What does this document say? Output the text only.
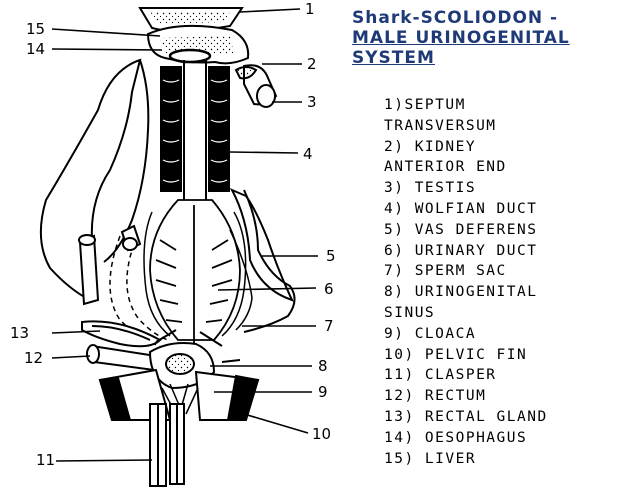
1
2
3
4
5
6
7
8
9
10
11
12
13
14
15
Shark-SCOLIODON -
MALE URINOGENITAL
SYSTEM
1)SEPTUM
TRANSVERSUM
2) KIDNEY
ANTERIOR END
3) TESTIS
4) WOLFIAN DUCT
5) VAS DEFERENS
6) URINARY DUCT
7) SPERM SAC
8) URINOGENITAL
SINUS
9) CLOACA
10) PELVIC FIN
11) CLASPER
12) RECTUM
13) RECTAL GLAND
14) OESOPHAGUS
15) LIVER
